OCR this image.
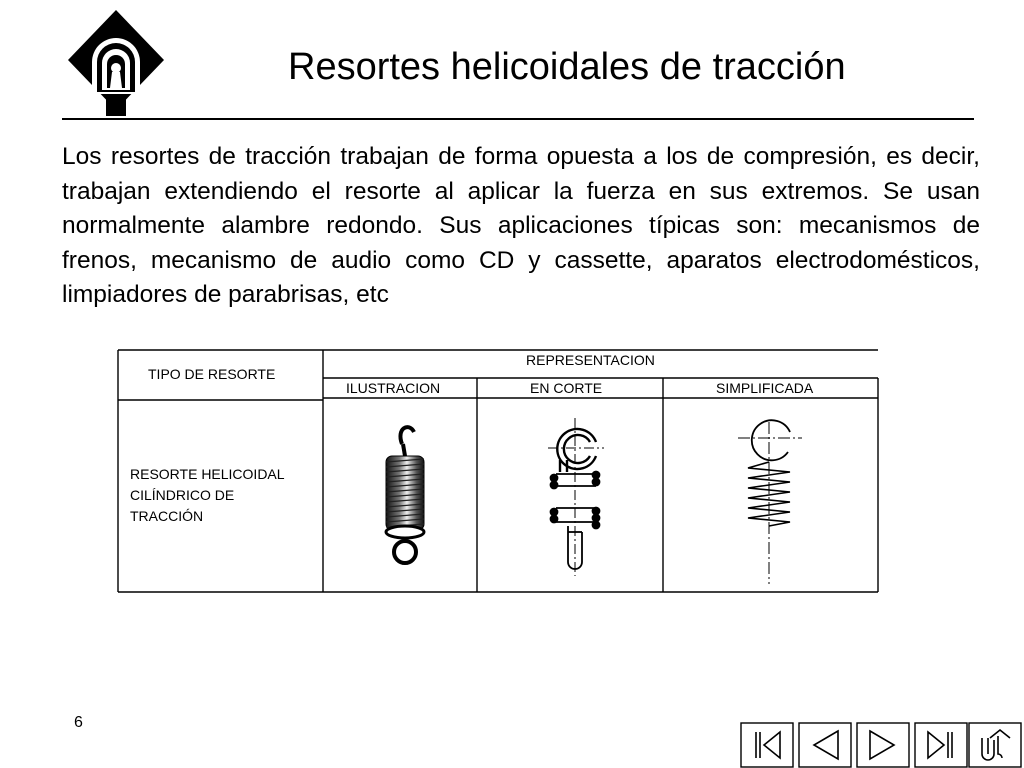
Resortes helicoidales de tracción

Los resortes de tracción trabajan de forma opuesta a los de compresión, es decir, trabajan extendiendo el resorte al aplicar la fuerza en sus extremos. Se usan normalmente alambre redondo. Sus aplicaciones típicas son: mecanismos de frenos, mecanismo de audio como CD y cassette, aparatos electrodomésticos, limpiadores de parabrisas, etc

TIPO DE RESORTE
REPRESENTACION
ILUSTRACION	EN CORTE	SIMPLIFICADA
RESORTE HELICOIDAL
CILÍNDRICO DE
TRACCIÓN
6
